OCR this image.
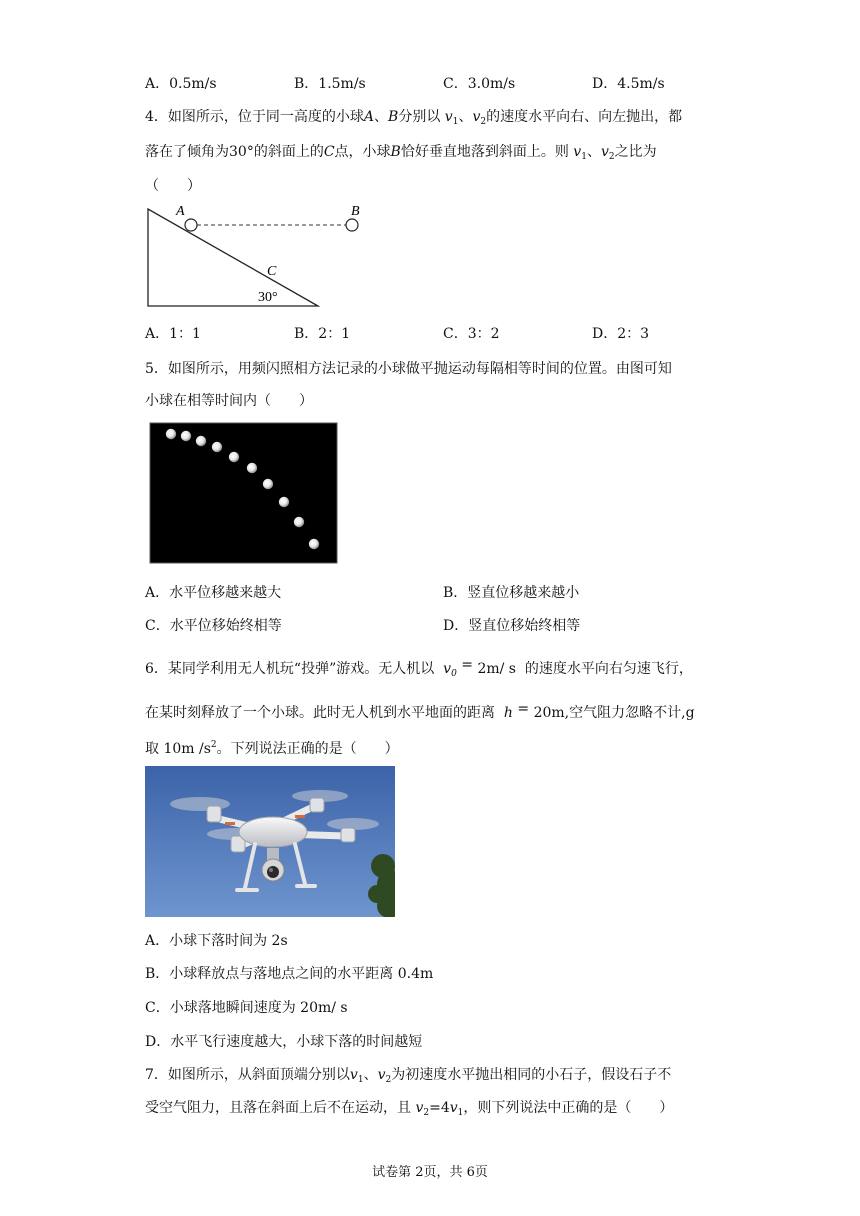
A．0.5m/s	B．1.5m/s	C．3.0m/s	D．4.5m/s
4．如图所示，位于同一高度的小球A、B分别以 $v_1$、$v_2$的速度水平向右、向左抛出，都
落在了倾角为30°的斜面上的C点，小球B恰好垂直地落到斜面上。则 $v_1$、$v_2$之比为
（　　）
A	B
C
30°
A．1：1	B．2：1	C．3：2	D．2：3
5．如图所示，用频闪照相方法记录的小球做平抛运动每隔相等时间的位置。由图可知
小球在相等时间内（　　）
A．水平位移越来越大	B．竖直位移越来越小
C．水平位移始终相等	D．竖直位移始终相等
6．某同学利用无人机玩“投弹”游戏。无人机以 $v_0 = 2m/$ s 的速度水平向右匀速飞行，
在某时刻释放了一个小球。此时无人机到水平地面的距离 h = 20m,空气阻力忽略不计,g
取 10m $/s^2$。下列说法正确的是（　　）
A．小球下落时间为 2s
B．小球释放点与落地点之间的水平距离 0.4m
C．小球落地瞬间速度为 20m/ s
D．水平飞行速度越大，小球下落的时间越短
7．如图所示，从斜面顶端分别以$v_1$、$v_2$为初速度水平抛出相同的小石子，假设石子不
受空气阻力，且落在斜面上后不在运动，且 $v_2=4v_1$，则下列说法中正确的是（　　）
试卷第 2页，共 6页
